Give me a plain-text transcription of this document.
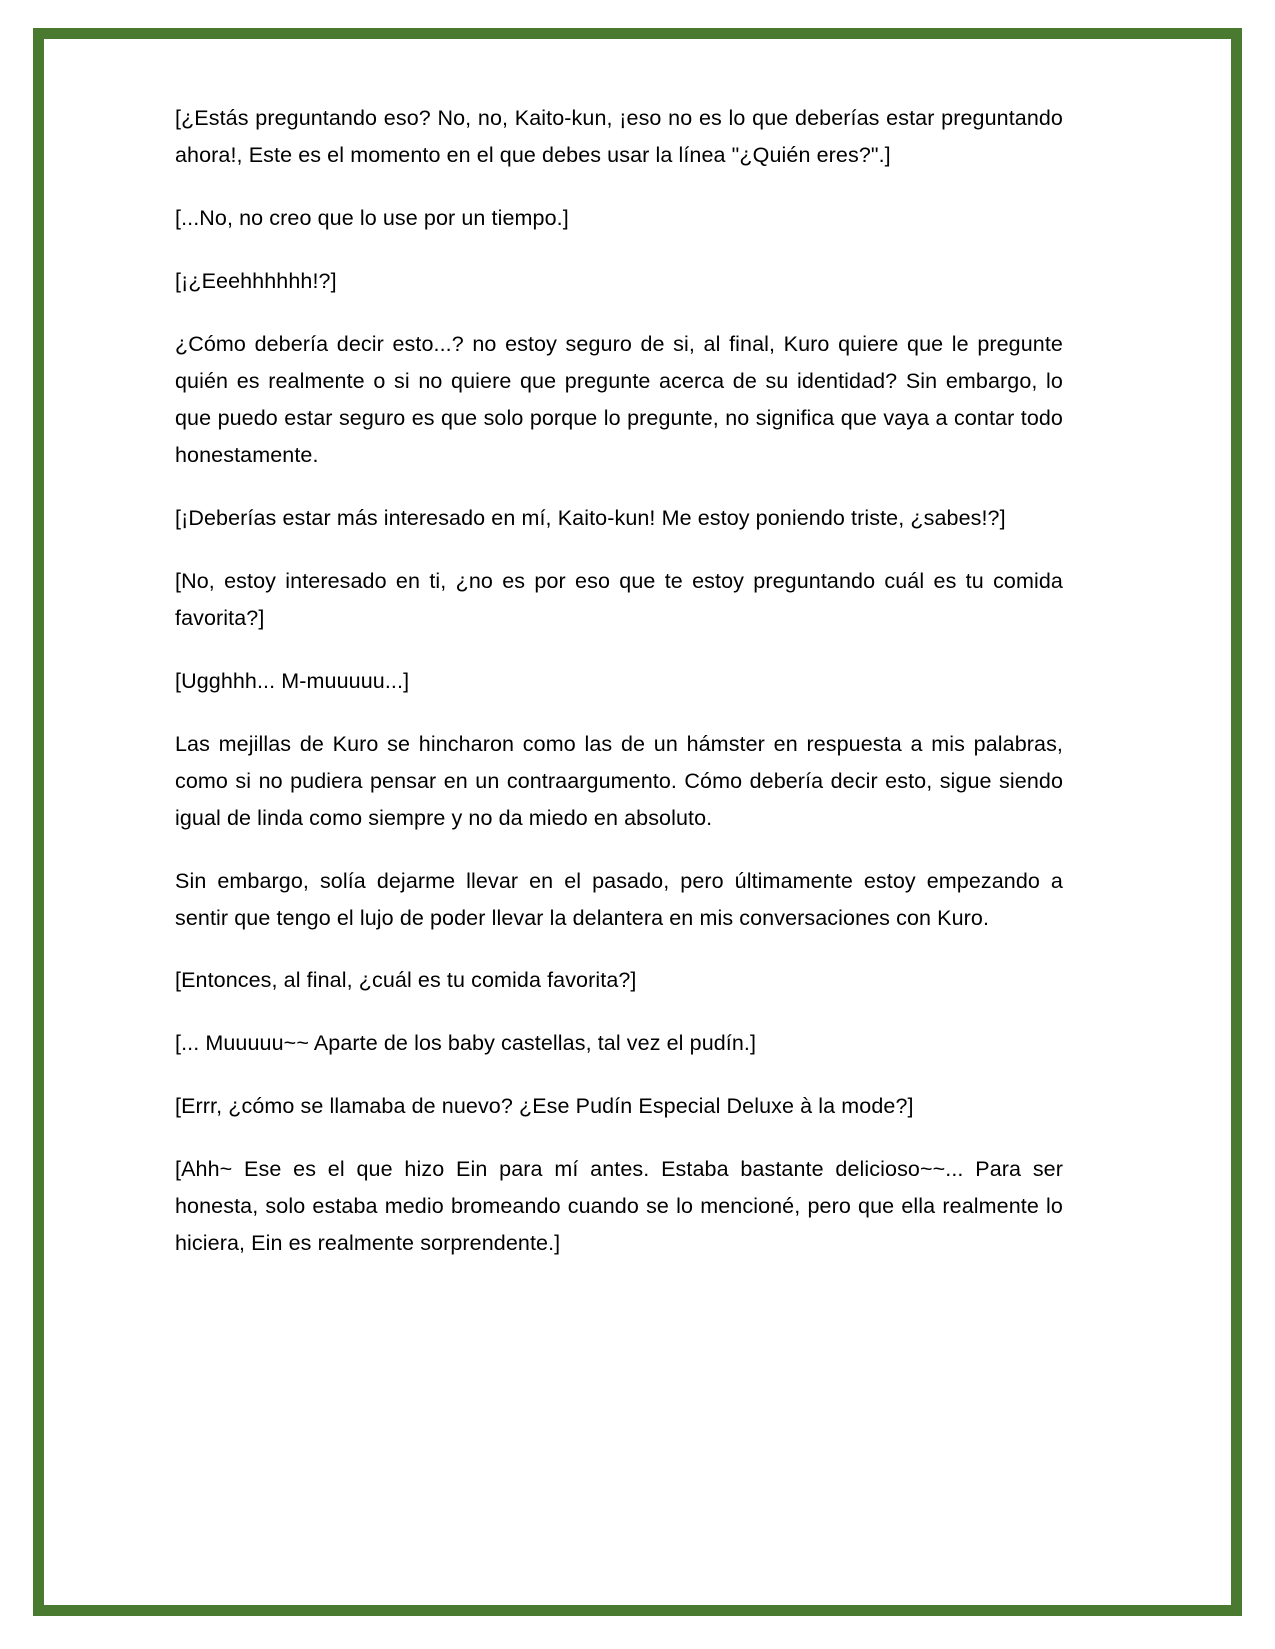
[¿Estás preguntando eso? No, no, Kaito-kun, ¡eso no es lo que deberías estar preguntando ahora!, Este es el momento en el que debes usar la línea "¿Quién eres?".]

[...No, no creo que lo use por un tiempo.]

[¡¿Eeehhhhhh!?]

¿Cómo debería decir esto...? no estoy seguro de si, al final, Kuro quiere que le pregunte quién es realmente o si no quiere que pregunte acerca de su identidad? Sin embargo, lo que puedo estar seguro es que solo porque lo pregunte, no significa que vaya a contar todo honestamente.

[¡Deberías estar más interesado en mí, Kaito-kun! Me estoy poniendo triste, ¿sabes!?]

[No, estoy interesado en ti, ¿no es por eso que te estoy preguntando cuál es tu comida favorita?]

[Ugghhh... M-muuuuu...]

Las mejillas de Kuro se hincharon como las de un hámster en respuesta a mis palabras, como si no pudiera pensar en un contraargumento. Cómo debería decir esto, sigue siendo igual de linda como siempre y no da miedo en absoluto.

Sin embargo, solía dejarme llevar en el pasado, pero últimamente estoy empezando a sentir que tengo el lujo de poder llevar la delantera en mis conversaciones con Kuro.

[Entonces, al final, ¿cuál es tu comida favorita?]

[... Muuuuu~~ Aparte de los baby castellas, tal vez el pudín.]

[Errr, ¿cómo se llamaba de nuevo? ¿Ese Pudín Especial Deluxe à la mode?]

[Ahh~ Ese es el que hizo Ein para mí antes. Estaba bastante delicioso~~... Para ser honesta, solo estaba medio bromeando cuando se lo mencioné, pero que ella realmente lo hiciera, Ein es realmente sorprendente.]
